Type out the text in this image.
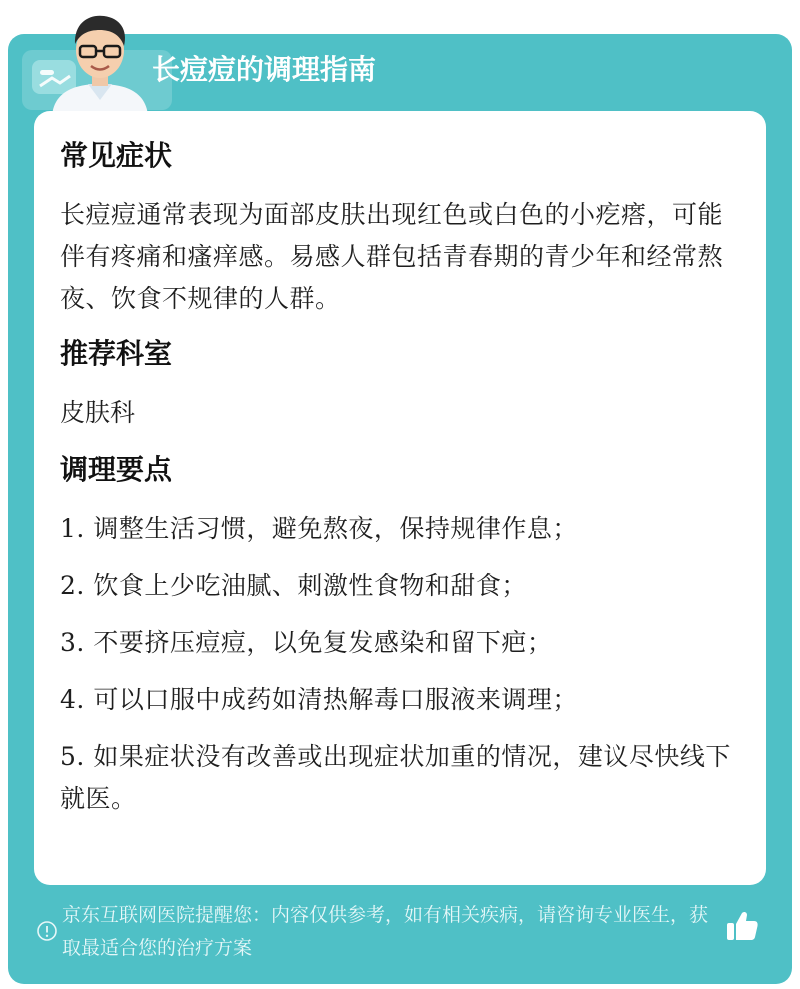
长痘痘的调理指南
常见症状

长痘痘通常表现为面部皮肤出现红色或白色的小疙瘩，可能伴有疼痛和瘙痒感。易感人群包括青春期的青少年和经常熬夜、饮食不规律的人群。

推荐科室

皮肤科

调理要点
1. 调整生活习惯，避免熬夜，保持规律作息；
2. 饮食上少吃油腻、刺激性食物和甜食；
3. 不要挤压痘痘，以免复发感染和留下疤；
4. 可以口服中成药如清热解毒口服液来调理；
5. 如果症状没有改善或出现症状加重的情况，建议尽快线下就医。
京东互联网医院提醒您：内容仅供参考，如有相关疾病，请咨询专业医生，获取最适合您的治疗方案
